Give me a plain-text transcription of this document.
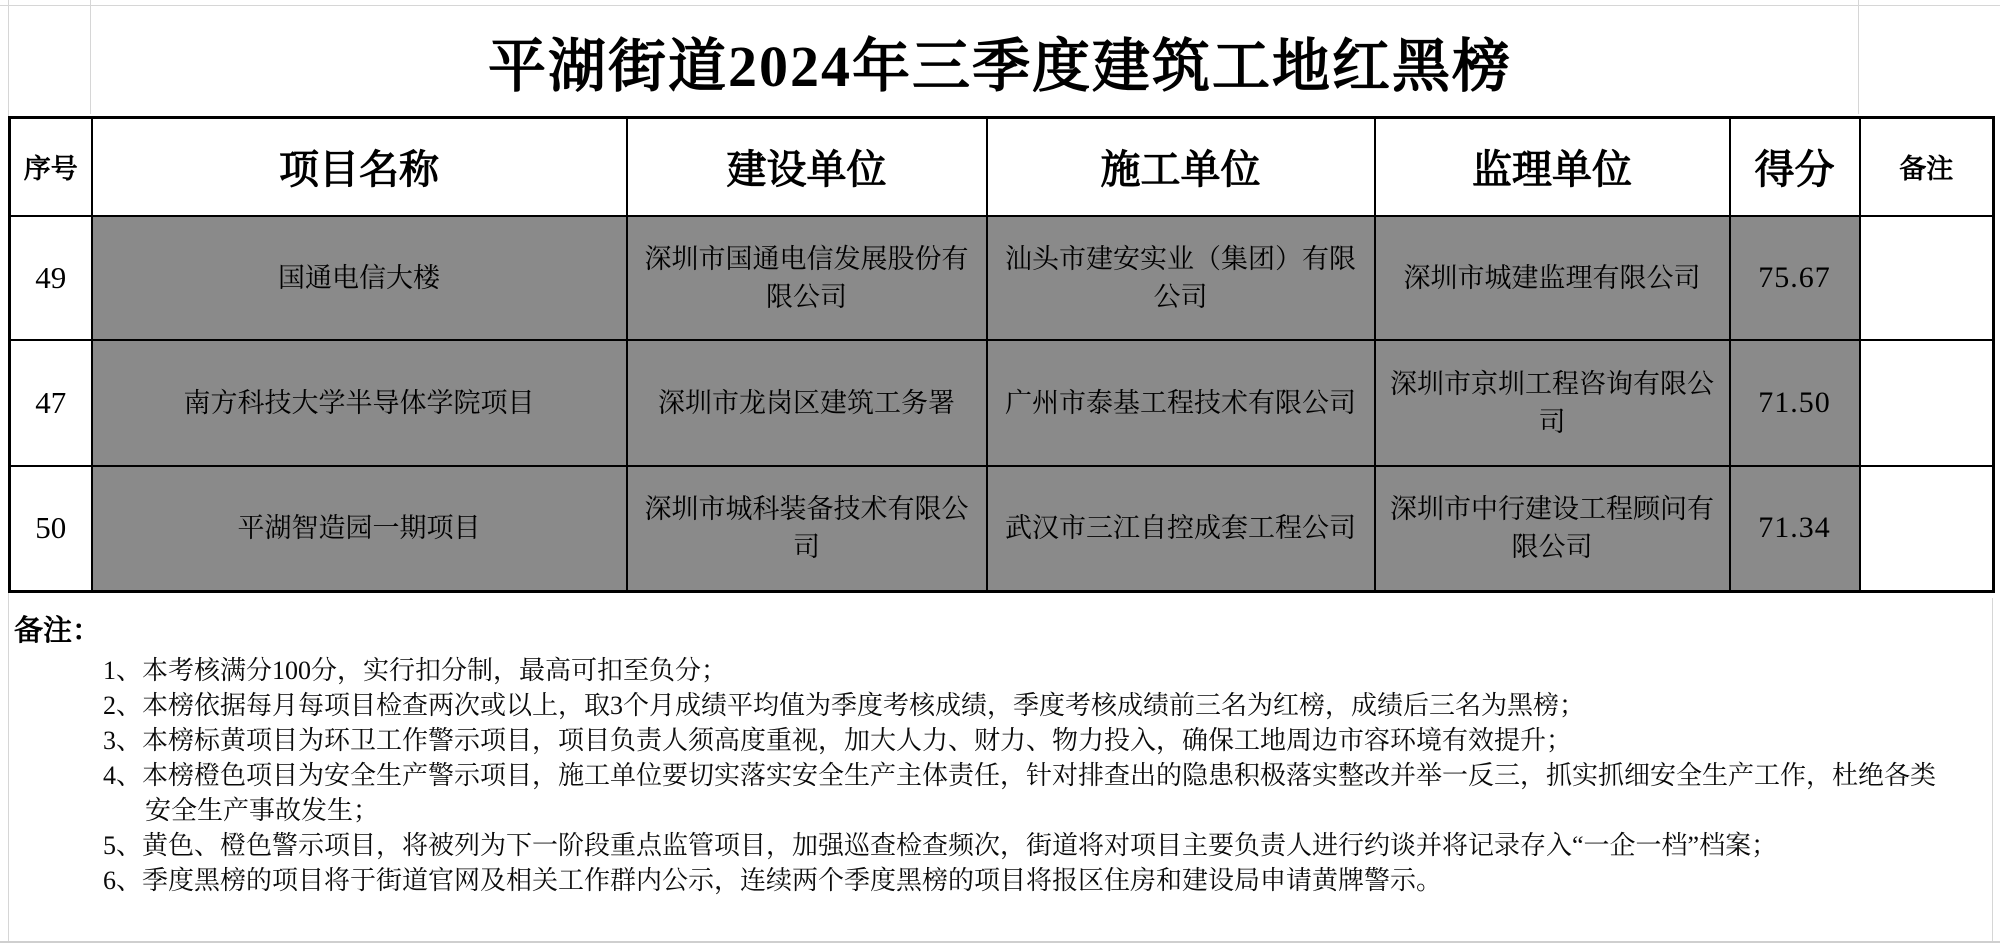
平湖街道2024年三季度建筑工地红黑榜
序号	项目名称	建设单位	施工单位	监理单位	得分	备注
49	国通电信大楼	深圳市国通电信发展股份有限公司	汕头市建安实业（集团）有限公司	深圳市城建监理有限公司	75.67	
47	南方科技大学半导体学院项目	深圳市龙岗区建筑工务署	广州市泰基工程技术有限公司	深圳市京圳工程咨询有限公司	71.50	
50	平湖智造园一期项目	深圳市城科装备技术有限公司	武汉市三江自控成套工程公司	深圳市中行建设工程顾问有限公司	71.34	
备注：
1、本考核满分100分，实行扣分制，最高可扣至负分；
2、本榜依据每月每项目检查两次或以上，取3个月成绩平均值为季度考核成绩，季度考核成绩前三名为红榜，成绩后三名为黑榜；
3、本榜标黄项目为环卫工作警示项目，项目负责人须高度重视，加大人力、财力、物力投入，确保工地周边市容环境有效提升；
4、本榜橙色项目为安全生产警示项目，施工单位要切实落实安全生产主体责任，针对排查出的隐患积极落实整改并举一反三，抓实抓细安全生产工作，杜绝各类安全生产事故发生；
5、黄色、橙色警示项目，将被列为下一阶段重点监管项目，加强巡查检查频次，街道将对项目主要负责人进行约谈并将记录存入“一企一档”档案；
6、季度黑榜的项目将于街道官网及相关工作群内公示，连续两个季度黑榜的项目将报区住房和建设局申请黄牌警示。
